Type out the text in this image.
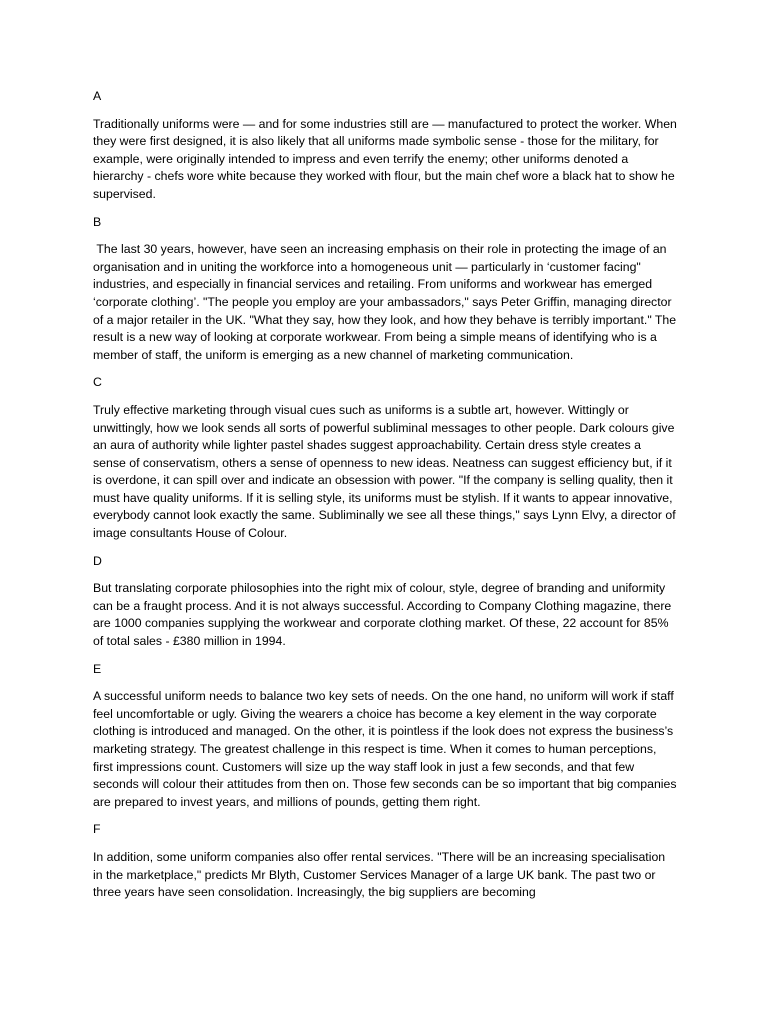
A

Traditionally uniforms were — and for some industries still are — manufactured to protect the worker. When they were first designed, it is also likely that all uniforms made symbolic sense - those for the military, for example, were originally intended to impress and even terrify the enemy; other uniforms denoted a hierarchy - chefs wore white because they worked with flour, but the main chef wore a black hat to show he supervised.

B

The last 30 years, however, have seen an increasing emphasis on their role in protecting the image of an organisation and in uniting the workforce into a homogeneous unit — particularly in ‘customer facing" industries, and especially in financial services and retailing. From uniforms and workwear has emerged ‘corporate clothing’. "The people you employ are your ambassadors," says Peter Griffin, managing director of a major retailer in the UK. "What they say, how they look, and how they behave is terribly important." The result is a new way of looking at corporate workwear. From being a simple means of identifying who is a member of staff, the uniform is emerging as a new channel of marketing communication.

C

Truly effective marketing through visual cues such as uniforms is a subtle art, however. Wittingly or unwittingly, how we look sends all sorts of powerful subliminal messages to other people. Dark colours give an aura of authority while lighter pastel shades suggest approachability. Certain dress style creates a sense of conservatism, others a sense of openness to new ideas. Neatness can suggest efficiency but, if it is overdone, it can spill over and indicate an obsession with power. "If the company is selling quality, then it must have quality uniforms. If it is selling style, its uniforms must be stylish. If it wants to appear innovative, everybody cannot look exactly the same. Subliminally we see all these things," says Lynn Elvy, a director of image consultants House of Colour.

D

But translating corporate philosophies into the right mix of colour, style, degree of branding and uniformity can be a fraught process. And it is not always successful. According to Company Clothing magazine, there are 1000 companies supplying the workwear and corporate clothing market. Of these, 22 account for 85% of total sales - £380 million in 1994.

E

A successful uniform needs to balance two key sets of needs. On the one hand, no uniform will work if staff feel uncomfortable or ugly. Giving the wearers a choice has become a key element in the way corporate clothing is introduced and managed. On the other, it is pointless if the look does not express the business’s marketing strategy. The greatest challenge in this respect is time. When it comes to human perceptions, first impressions count. Customers will size up the way staff look in just a few seconds, and that few seconds will colour their attitudes from then on. Those few seconds can be so important that big companies are prepared to invest years, and millions of pounds, getting them right.

F

In addition, some uniform companies also offer rental services. "There will be an increasing specialisation in the marketplace," predicts Mr Blyth, Customer Services Manager of a large UK bank. The past two or three years have seen consolidation. Increasingly, the big suppliers are becoming
